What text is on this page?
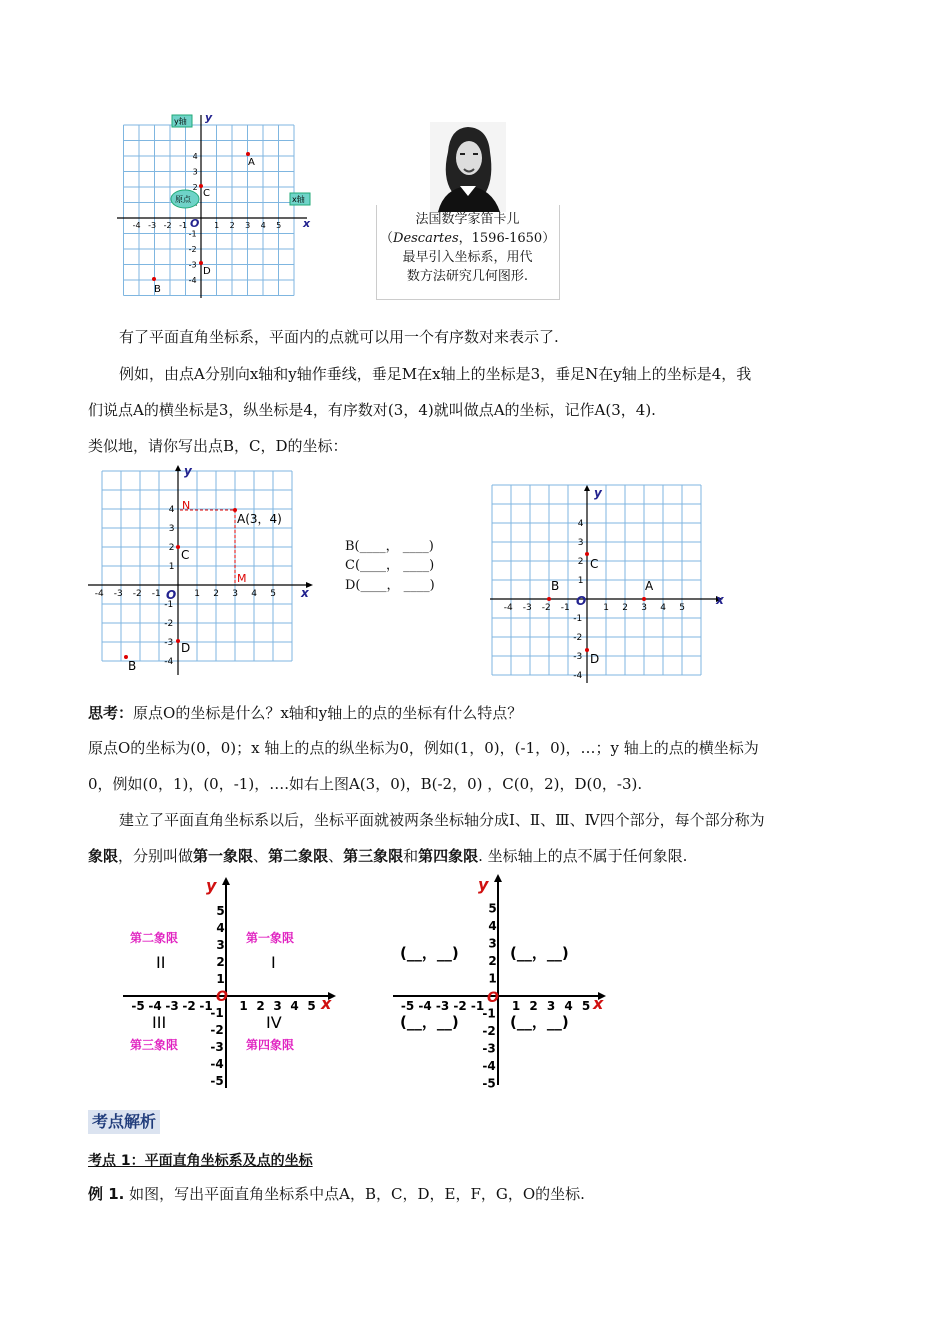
x
y
O
-4 -3 -2 -1	1 2 3 4 5
4
3
2
-1
-2
-3
-4
y轴
原点	x轴
A
B
C
D
法国数学家笛卡儿
（Descartes，1596-1650）
最早引入坐标系，用代
数方法研究几何图形.
有了平面直角坐标系，平面内的点就可以用一个有序数对来表示了.
例如，由点A分别向x轴和y轴作垂线，垂足M在x轴上的坐标是3，垂足N在y轴上的坐标是4，我
们说点A的横坐标是3，纵坐标是4，有序数对(3，4)就叫做点A的坐标，记作A(3，4).
类似地，请你写出点B，C，D的坐标：
x
y
O
-4 -3 -2 -1	1 2 3 4 5
4
3
2
1
-1
-2
-3
-4
N
M
A(3，4)
C
D
B
B(____， ____)
C(____， ____)
D(____， ____)
x
y
O
-4 -3 -2 -1	1 2 3 4 5
4
3
2
1
-1
-2
-3
-4
A
B
C
D
思考：原点O的坐标是什么？x轴和y轴上的点的坐标有什么特点？
原点O的坐标为(0，0)；x 轴上的点的纵坐标为0，例如(1，0)，(-1，0)，…；y 轴上的点的横坐标为
0，例如(0，1)，(0，-1)，….如右上图A(3，0)，B(-2，0) ，C(0，2)，D(0，-3).
建立了平面直角坐标系以后，坐标平面就被两条坐标轴分成Ⅰ、Ⅱ、Ⅲ、Ⅳ四个部分，每个部分称为
象限，分别叫做第一象限、第二象限、第三象限和第四象限. 坐标轴上的点不属于任何象限.
x
y
O
-5 -4 -3 -2 -1 1 2 3 4 5
5
4
3
2
1
-1
-2
-3
-4
-5
第二象限	第一象限
第三象限	第四象限
II	I
III	IV
x
y
O
-5 -4 -3 -2 -1 1 2 3 4 5
5
4
3
2
1
-1
-2
-3
-4
-5
(__，__)	(__，__)
(__，__)	(__，__)
考点解析
考点 1：平面直角坐标系及点的坐标
例 1. 如图，写出平面直角坐标系中点A，B，C，D，E，F，G，O的坐标.
